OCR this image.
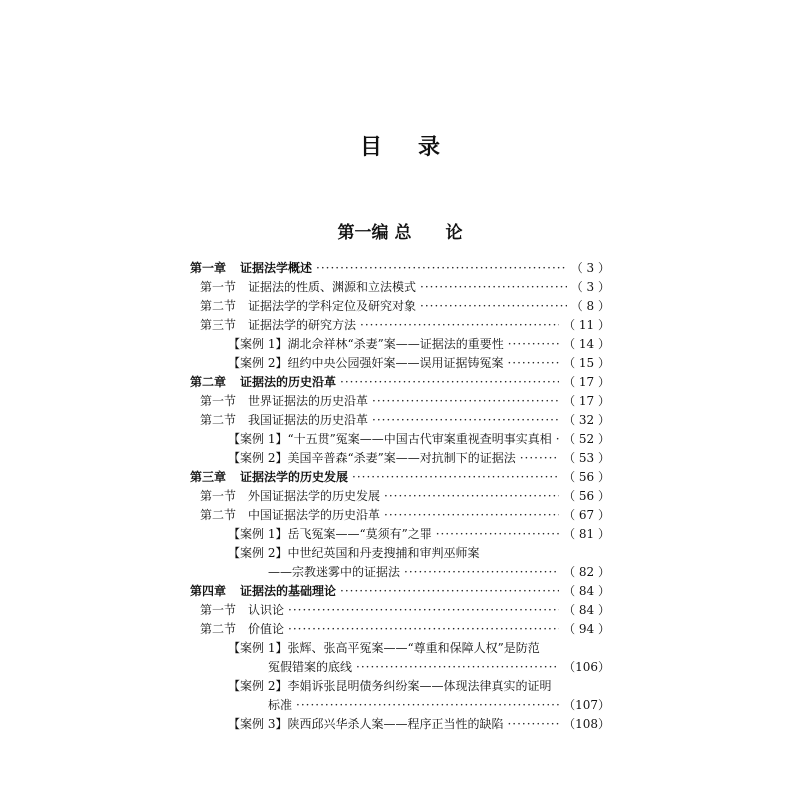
目 录
第一编 总　　论
第一章 证据法学概述 ·····	（ 3 ）
第一节 证据法的性质、渊源和立法模式 ·····	（ 3 ）
第二节 证据法学的学科定位及研究对象 ·····	（ 8 ）
第三节 证据法学的研究方法 ·····	（ 11 ）
【案例 1】湖北佘祥林“杀妻”案——证据法的重要性 ·····	（ 14 ）
【案例 2】纽约中央公园强奸案——误用证据铸冤案 ·····	（ 15 ）
第二章 证据法的历史沿革 ·····	（ 17 ）
第一节 世界证据法的历史沿革 ·····	（ 17 ）
第二节 我国证据法的历史沿革 ·····	（ 32 ）
【案例 1】“十五贯”冤案——中国古代审案重视查明事实真相 ····· （ 52 ）
【案例 2】美国辛普森“杀妻”案——对抗制下的证据法 ·····	（ 53 ）
第三章 证据法学的历史发展 ·····	（ 56 ）
第一节 外国证据法学的历史发展 ·····	（ 56 ）
第二节 中国证据法学的历史沿革 ·····	（ 67 ）
【案例 1】岳飞冤案——“莫须有”之罪 ·····	（ 81 ）
【案例 2】中世纪英国和丹麦搜捕和审判巫师案
——宗教迷雾中的证据法 ·····	（ 82 ）
第四章 证据法的基础理论 ·····	（ 84 ）
第一节 认识论 ·····	（ 84 ）
第二节 价值论 ·····	（ 94 ）
【案例 1】张辉、张高平冤案——“尊重和保障人权”是防范
冤假错案的底线 ·····	（106）
【案例 2】李娟诉张昆明债务纠纷案——体现法律真实的证明
标准 ·····	（107）
【案例 3】陕西邱兴华杀人案——程序正当性的缺陷 ·····	（108）
